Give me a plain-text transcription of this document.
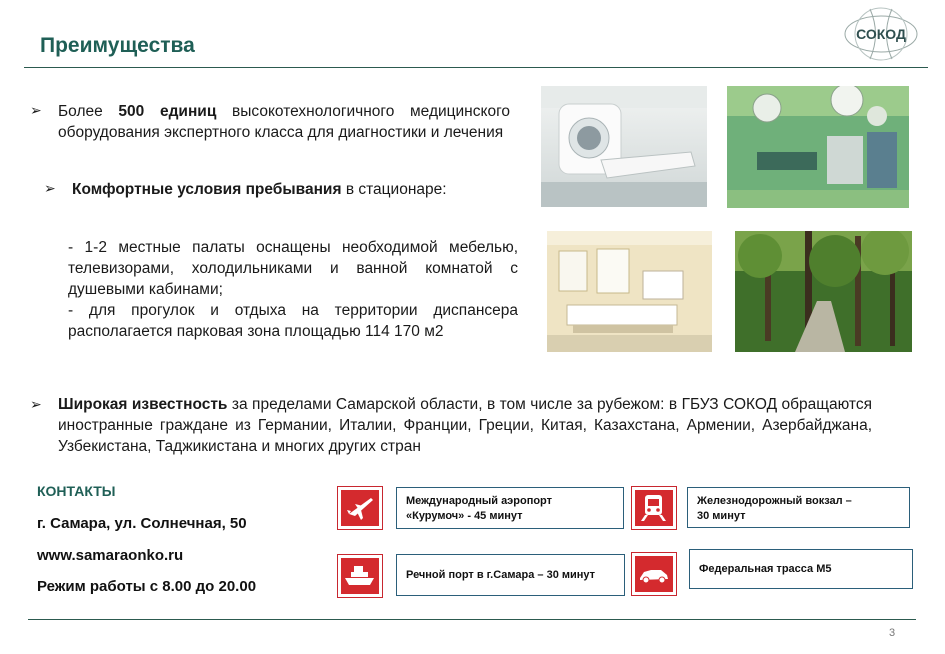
Преимущества	СОКОД
➢ Более 500 единиц высокотехнологичного медицинского оборудования экспертного класса для диагностики и лечения
➢ Комфортные условия пребывания в стационаре:
- 1-2 местные палаты оснащены необходимой мебелью, телевизорами, холодильниками и ванной комнатой с душевыми кабинами;
- для прогулок и отдыха на территории диспансера располагается парковая зона площадью 114 170 м2
➢ Широкая известность за пределами Самарской области, в том числе за рубежом: в ГБУЗ СОКОД обращаются иностранные граждане из Германии, Италии, Франции, Греции, Китая, Казахстана, Армении, Азербайджана, Узбекистана, Таджикистана и многих других стран
КОНТАКТЫ
г. Самара, ул. Солнечная, 50
www.samaraonko.ru
Режим работы с 8.00 до 20.00
Международный аэропорт
«Курумоч» - 45 минут
Железнодорожный вокзал –
30 минут
Речной порт в г.Самара – 30 минут	Федеральная трасса М5
3
